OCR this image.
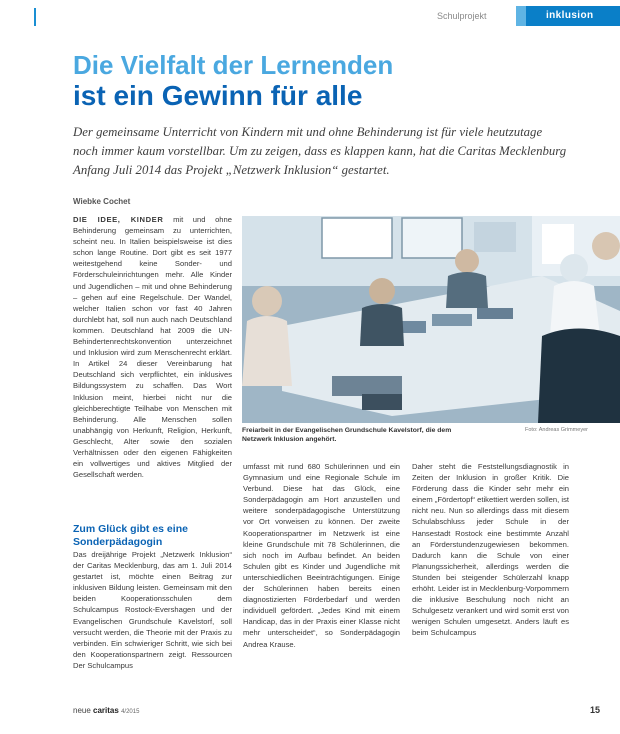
Schulprojekt	inklusion
Die Vielfalt der Lernenden
ist ein Gewinn für alle

Der gemeinsame Unterricht von Kindern mit und ohne Behinderung ist für viele heutzutage noch immer kaum vorstellbar. Um zu zeigen, dass es klappen kann, hat die Caritas Mecklenburg Anfang Juli 2014 das Projekt „Netzwerk Inklusion“ gestartet.

Wiebke Cochet

DIE IDEE, KINDER mit und ohne Behinderung gemeinsam zu unterrichten, scheint neu. In Italien beispielsweise ist dies schon lange Routine. Dort gibt es seit 1977 weitestgehend keine Sonder- und Förderschuleinrichtungen mehr. Alle Kinder und Jugendlichen – mit und ohne Behinderung – gehen auf eine Regelschule. Der Wandel, welcher Italien schon vor fast 40 Jahren durchlebt hat, soll nun auch nach Deutschland kommen. Deutschland hat 2009 die UN-Behindertenrechtskonvention unterzeichnet und Inklusion wird zum Menschenrecht erklärt. In Artikel 24 dieser Vereinbarung hat Deutschland sich verpflichtet, ein inklusives Bildungssystem zu schaffen. Das Wort Inklusion meint, hierbei nicht nur die gleichberechtigte Teilhabe von Menschen mit Behinderung. Alle Menschen sollen unabhängig von Herkunft, Religion, Herkunft, Geschlecht, Alter sowie den sozialen Verhältnissen oder den eigenen Fähigkeiten ein vollwertiges und aktives Mitglied der Gesellschaft werden.

Zum Glück gibt es eine Sonderpädagogin

Das dreijährige Projekt „Netzwerk Inklusion“ der Caritas Mecklenburg, das am 1. Juli 2014 gestartet ist, möchte einen Beitrag zur inklusiven Bildung leisten. Gemeinsam mit den beiden Kooperationsschulen dem Schulcampus Rostock-Evershagen und der Evangelischen Grundschule Kavelstorf, soll versucht werden, die Theorie mit der Praxis zu verbinden. Ein schwieriger Schritt, wie sich bei den Kooperationspartnern zeigt. Ressourcen Der Schulcampus

Freiarbeit in der Evangelischen Grundschule Kavelstorf, die dem Netzwerk Inklusion angehört.
Foto: Andreas Grimmeyer

umfasst mit rund 680 Schülerinnen und ein Gymnasium und eine Regionale Schule im Verbund. Diese hat das Glück, eine Sonderpädagogin am Hort anzustellen und weitere sonderpädagogische Unterstützung vor Ort vorweisen zu können. Der zweite Kooperationspartner im Netzwerk ist eine kleine Grundschule mit 78 Schülerinnen, die sich noch im Aufbau befindet. An beiden Schulen gibt es Kinder und Jugendliche mit unterschiedlichen Beeinträchtigungen. Einige der Schülerinnen haben bereits einen diagnostizierten Förderbedarf und werden individuell gefördert. „Jedes Kind mit einem Handicap, das in der Praxis einer Klasse nicht mehr unterscheidet“, so Sonderpädagogin Andrea Krause.

Daher steht die Feststellungsdiagnostik in Zeiten der Inklusion in großer Kritik. Die Förderung dass die Kinder sehr mehr ein einem „Fördertopf“ etikettiert werden sollen, ist nicht neu. Nun so allerdings dass mit diesem Schulabschluss jeder Schule in der Hansestadt Rostock eine bestimmte Anzahl an Förderstundenzugewiesen bekommen. Dadurch kann die Schule von einer Planungssicherheit, allerdings werden die Stunden bei steigender Schülerzahl knapp erhöht. Leider ist in Mecklenburg-Vorpommern die inklusive Beschulung noch nicht an Schulgesetz verankert und wird somit erst von wenigen Schulen umgesetzt. Anders läuft es beim Schulcampus

neue caritas 4/2015	15
